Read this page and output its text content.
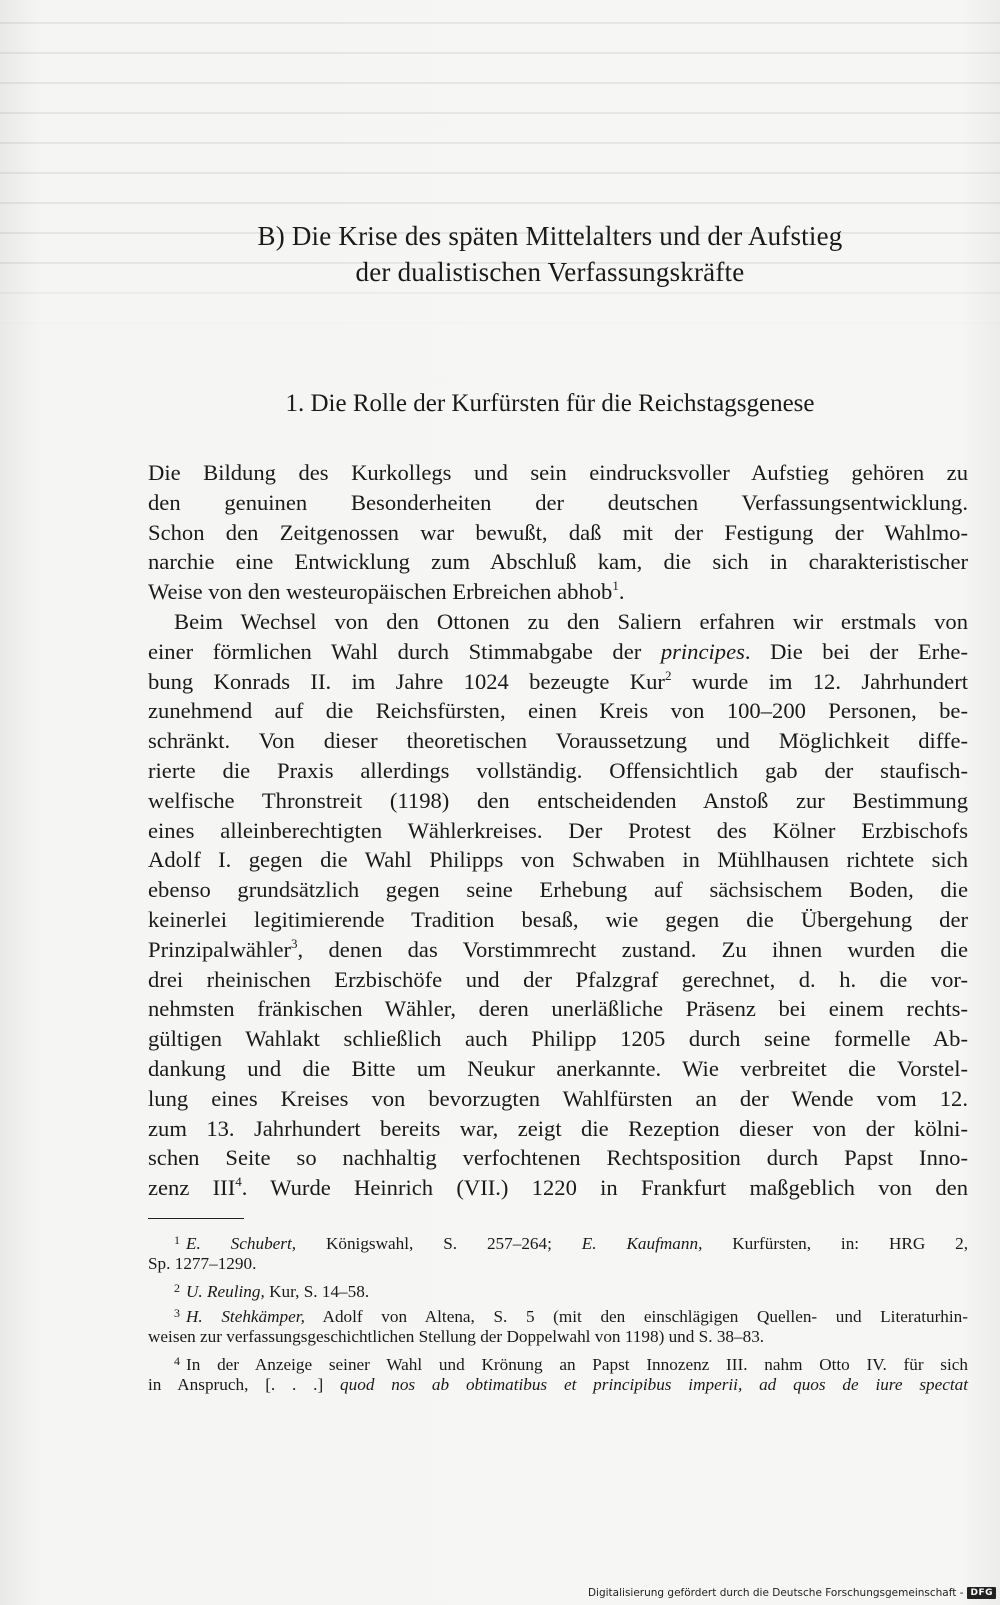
B) Die Krise des späten Mittelalters und der Aufstieg
der dualistischen Verfassungskräfte
1. Die Rolle der Kurfürsten für die Reichstagsgenese
Die Bildung des Kurkollegs und sein eindrucksvoller Aufstieg gehören zu
den genuinen Besonderheiten der deutschen Verfassungsentwicklung.
Schon den Zeitgenossen war bewußt, daß mit der Festigung der Wahlmo-
narchie eine Entwicklung zum Abschluß kam, die sich in charakteristischer
Weise von den westeuropäischen Erbreichen abhob$^1$.
Beim Wechsel von den Ottonen zu den Saliern erfahren wir erstmals von
einer förmlichen Wahl durch Stimmabgabe der principes. Die bei der Erhe-
bung Konrads II. im Jahre 1024 bezeugte Kur$^2$ wurde im 12. Jahrhundert
zunehmend auf die Reichsfürsten, einen Kreis von 100–200 Personen, be-
schränkt. Von dieser theoretischen Voraussetzung und Möglichkeit diffe-
rierte die Praxis allerdings vollständig. Offensichtlich gab der staufisch-
welfische Thronstreit (1198) den entscheidenden Anstoß zur Bestimmung
eines alleinberechtigten Wählerkreises. Der Protest des Kölner Erzbischofs
Adolf I. gegen die Wahl Philipps von Schwaben in Mühlhausen richtete sich
ebenso grundsätzlich gegen seine Erhebung auf sächsischem Boden, die
keinerlei legitimierende Tradition besaß, wie gegen die Übergehung der
Prinzipalwähler$^3$, denen das Vorstimmrecht zustand. Zu ihnen wurden die
drei rheinischen Erzbischöfe und der Pfalzgraf gerechnet, d. h. die vor-
nehmsten fränkischen Wähler, deren unerläßliche Präsenz bei einem rechts-
gültigen Wahlakt schließlich auch Philipp 1205 durch seine formelle Ab-
dankung und die Bitte um Neukur anerkannte. Wie verbreitet die Vorstel-
lung eines Kreises von bevorzugten Wahlfürsten an der Wende vom 12.
zum 13. Jahrhundert bereits war, zeigt die Rezeption dieser von der kölni-
schen Seite so nachhaltig verfochtenen Rechtsposition durch Papst Inno-
zenz III$^4$. Wurde Heinrich (VII.) 1220 in Frankfurt maßgeblich von den
$^1$ E. Schubert, Königswahl, S. 257–264; E. Kaufmann, Kurfürsten, in: HRG 2,
Sp. 1277–1290.
$^2$ U. Reuling, Kur, S. 14–58.
$^3$ H. Stehkämper, Adolf von Altena, S. 5 (mit den einschlägigen Quellen- und Literaturhin-
weisen zur verfassungsgeschichtlichen Stellung der Doppelwahl von 1198) und S. 38–83.
$^4$ In der Anzeige seiner Wahl und Krönung an Papst Innozenz III. nahm Otto IV. für sich
in Anspruch, [. . .] quod nos ab obtimatibus et principibus imperii, ad quos de iure spectat
Digitalisierung gefördert durch die Deutsche Forschungsgemeinschaft - DFG
